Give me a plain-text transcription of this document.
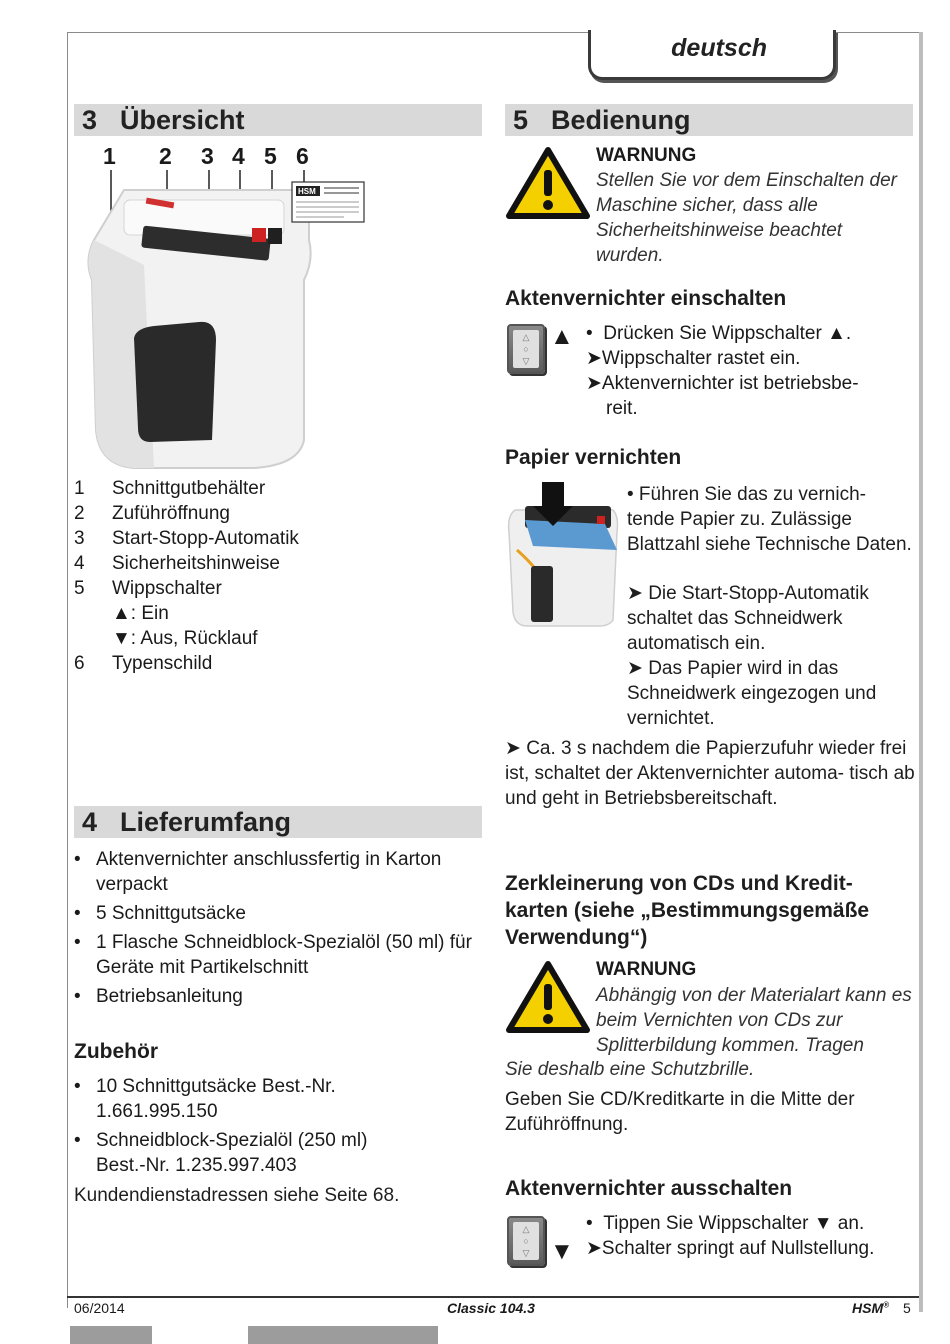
deutsch
3 Übersicht
1 2 3 4 5 6
HSM
1 Schnittgutbehälter
2 Zuführöffnung
3 Start-Stopp-Automatik
4 Sicherheitshinweise
5 Wippschalter
▲: Ein
▼: Aus, Rücklauf
6 Typenschild
4 Lieferumfang
• Aktenvernichter anschlussfertig in Karton verpackt
• 5 Schnittgutsäcke
• 1 Flasche Schneidblock-Spezialöl (50 ml) für Geräte mit Partikelschnitt
• Betriebsanleitung
Zubehör
• 10 Schnittgutsäcke Best.-Nr. 1.661.995.150
• Schneidblock-Spezialöl (250 ml) Best.-Nr. 1.235.997.403
Kundendienstadressen siehe Seite 68.
5 Bedienung
WARNUNG
Stellen Sie vor dem Einschalten der Maschine sicher, dass alle Sicherheitshinweise beachtet wurden.
Aktenvernichter einschalten
△
○
▽
▲ •  Drücken Sie Wippschalter ▲.
➤Wippschalter rastet ein.
➤Aktenvernichter ist betriebsbe-
reit.
Papier vernichten
• Führen Sie das zu vernich- tende Papier zu. Zulässige Blattzahl siehe Technische Daten.
➤ Die Start-Stopp-Automatik schaltet das Schneidwerk automatisch ein.
➤ Das Papier wird in das Schneidwerk eingezogen und vernichtet.
➤ Ca. 3 s nachdem die Papierzufuhr wieder frei ist, schaltet der Aktenvernichter automa- tisch ab und geht in Betriebsbereitschaft.
Zerkleinerung von CDs und Kredit- karten (siehe „Bestimmungsgemäße Verwendung“)
WARNUNG
Abhängig von der Materialart kann es beim Vernichten von CDs zur Splitterbildung kommen. Tragen
Sie deshalb eine Schutzbrille.
Geben Sie CD/Kreditkarte in die Mitte der Zuführöffnung.
Aktenvernichter ausschalten
△
○
▽ ▼
•  Tippen Sie Wippschalter ▼ an.
➤Schalter springt auf Nullstellung.
06/2014	Classic 104.3	HSM® 5
